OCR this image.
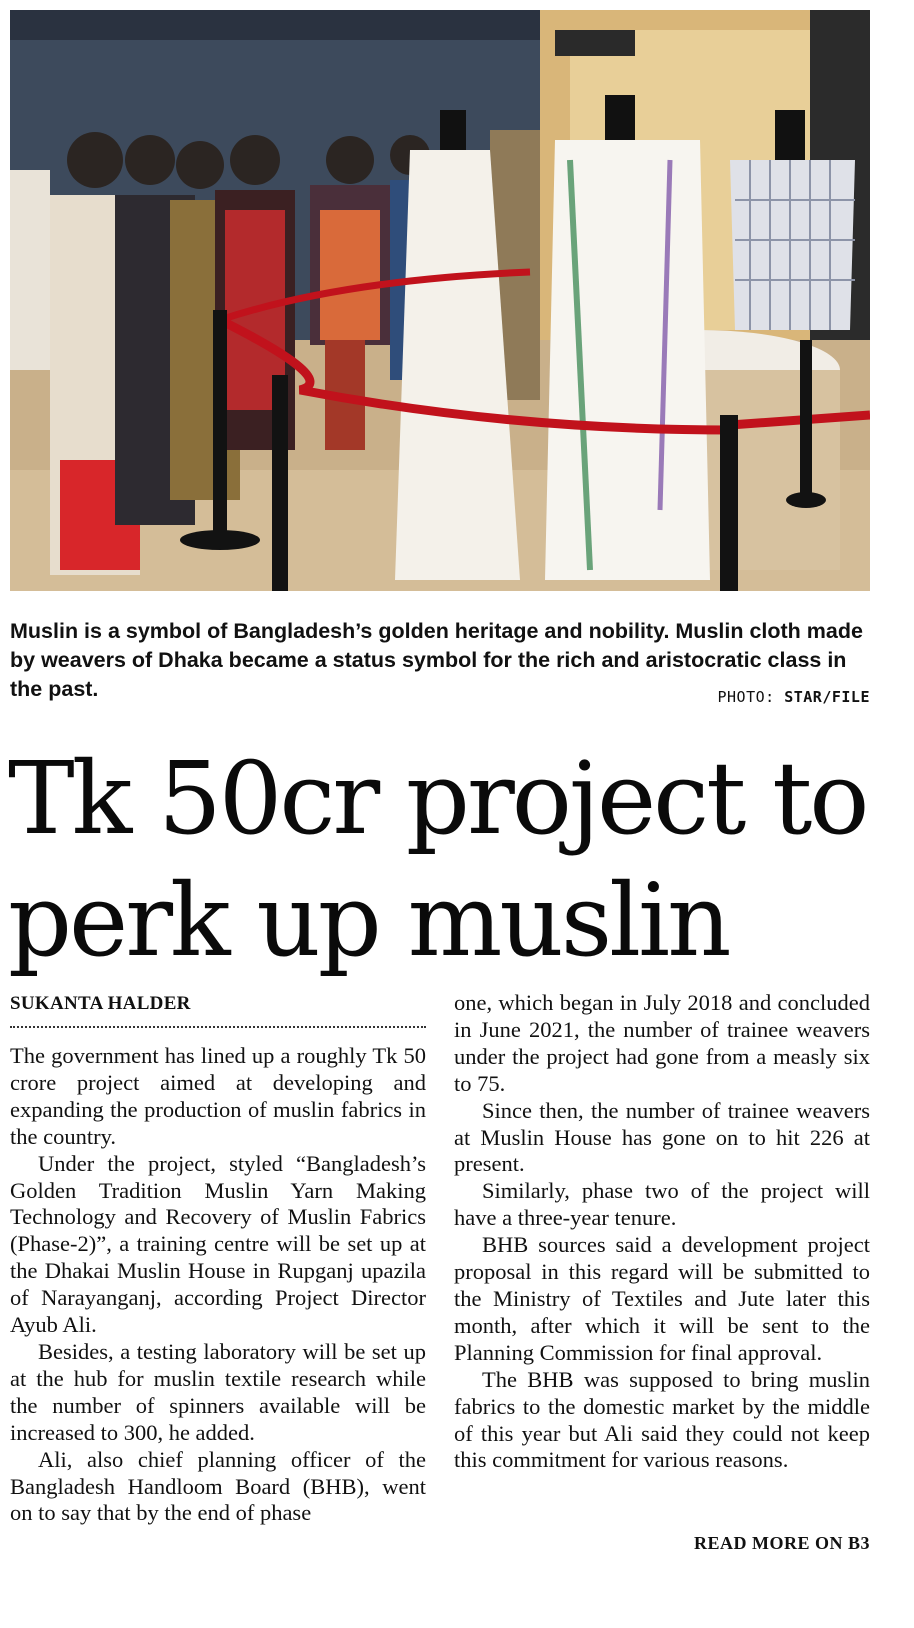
Muslin is a symbol of Bangladesh’s golden heritage and nobility. Muslin cloth made by weavers of Dhaka became a status symbol for the rich and aristocratic class in the past.	PHOTO: STAR/FILE
Tk 50cr project to perk up muslin
SUKANTA HALDER

The government has lined up a roughly Tk 50 crore project aimed at developing and expanding the production of muslin fabrics in the country.

Under the project, styled “Bangladesh’s Golden Tradition Muslin Yarn Making Technology and Recovery of Muslin Fabrics (Phase-2)”, a training centre will be set up at the Dhakai Muslin House in Rupganj upazila of Narayanganj, according Project Director Ayub Ali.

Besides, a testing laboratory will be set up at the hub for muslin textile research while the number of spinners available will be increased to 300, he added.

Ali, also chief planning officer of the Bangladesh Handloom Board (BHB), went on to say that by the end of phase

one, which began in July 2018 and concluded in June 2021, the number of trainee weavers under the project had gone from a measly six to 75.

Since then, the number of trainee weavers at Muslin House has gone on to hit 226 at present.

Similarly, phase two of the project will have a three-year tenure.

BHB sources said a development project proposal in this regard will be submitted to the Ministry of Textiles and Jute later this month, after which it will be sent to the Planning Commission for final approval.

The BHB was supposed to bring muslin fabrics to the domestic market by the middle of this year but Ali said they could not keep this commitment for various reasons.

READ MORE ON B3
